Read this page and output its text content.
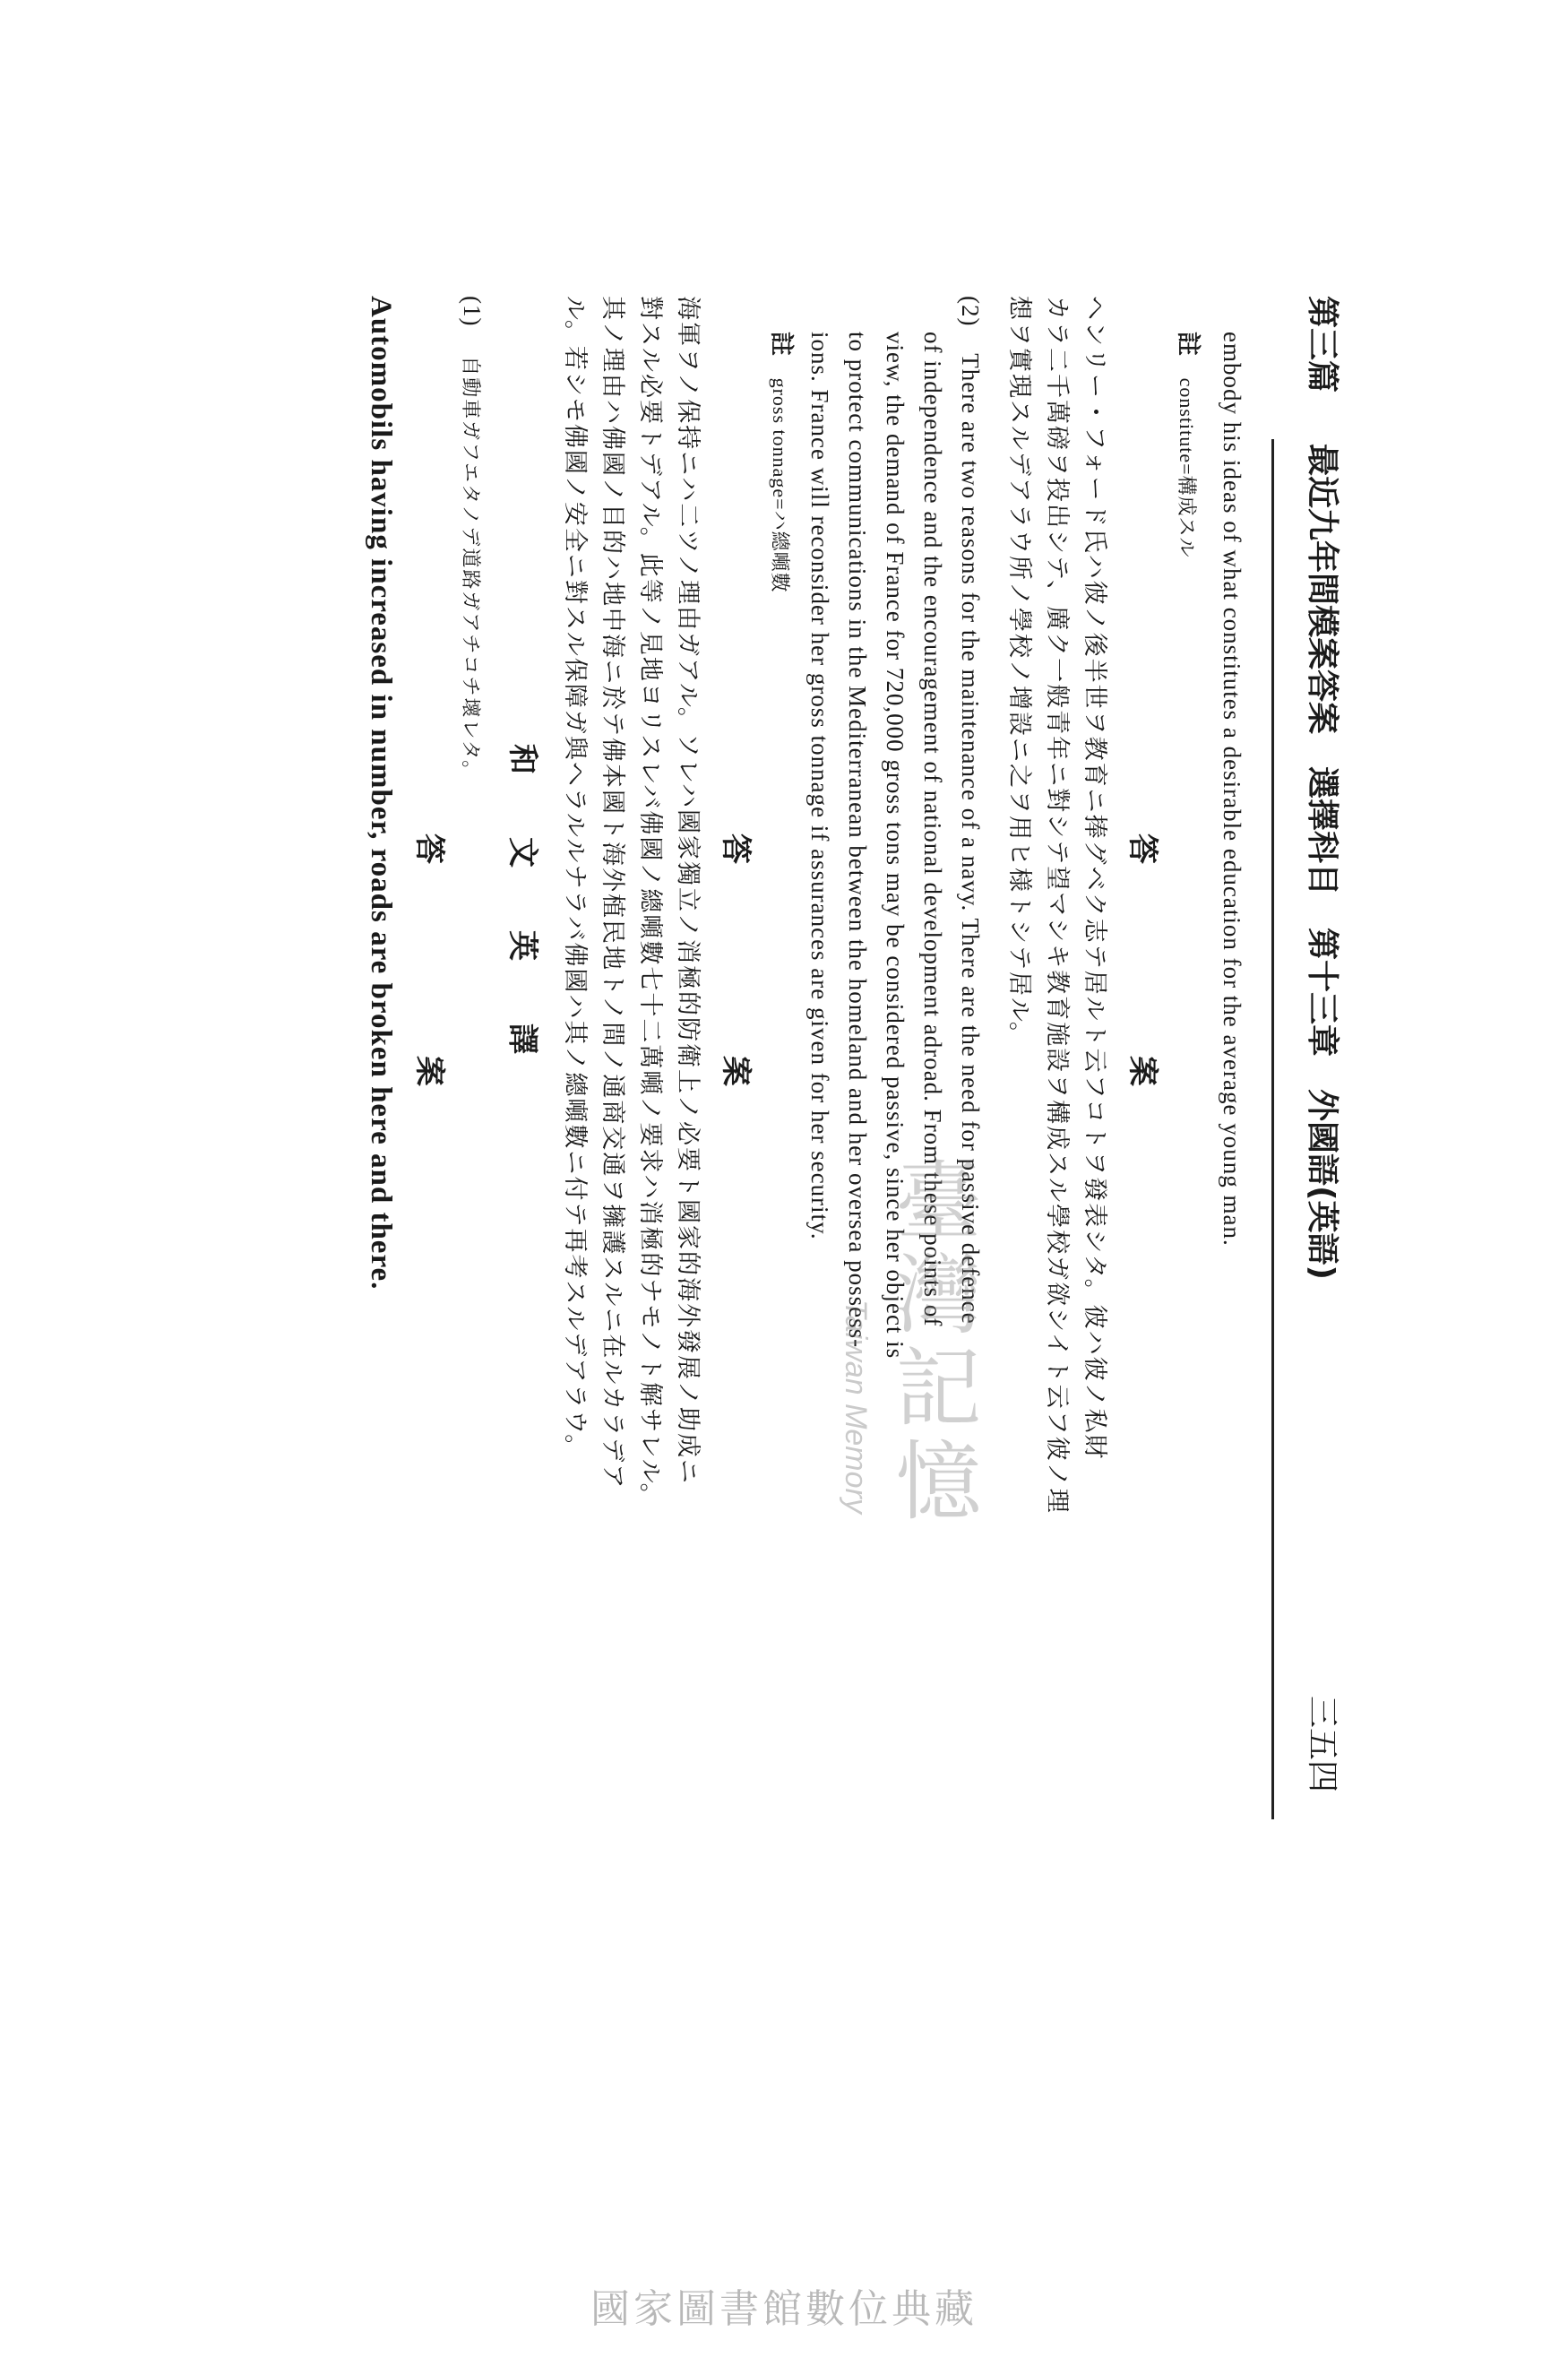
第三篇
最近九年間模案答案　選擇科目　第十三章　外國語(英語)
三五四
embody his ideas of what constitutes a desirable education for the average young man.
註 constitute=構成スル
答　　　案
ヘンリー・フォード氏ハ彼ノ後半世ヲ教育ニ捧グベク志テ居ルト云フコトヲ發表シタ。彼ハ彼ノ私財
カラ二千萬磅ヲ投出シテ、廣ク一般青年ニ對シテ望マシキ教育施設ヲ構成スル學校ガ欲シイト云フ彼ノ理
想ヲ實現スルデアラウ所ノ學校ノ增設ニ之ヲ用ヒ様トシテ居ル。
(2) There are two reasons for the maintenance of a navy. There are the need for passive defence
of independence and the encouragement of national development adroad. From these points of
view, the demand of France for 720,000 gross tons may be considered passive, since her object is
to protect communications in the Mediterranean between the homeland and her oversea possess-
ions. France will reconsider her gross tonnage if assurances are given for her security.
註 gross tonnage=ハ總噸數
答　　　案
海軍ヲノ保持ニハ二ツノ理由ガアル。ソレハ國家獨立ノ消極的防衛上ノ必要ト國家的海外發展ノ助成ニ
對スル必要トデアル。此等ノ見地ヨリスレバ佛國ノ總噸數七十二萬噸ノ要求ハ消極的ナモノト解サレル。
其ノ理由ハ佛國ノ目的ハ地中海ニ於テ佛本國ト海外植民地トノ間ノ通商交通ヲ擁護スルニ在ルカラデア
ル。若シモ佛國ノ安全ニ對スル保障ガ與ヘラルルナラバ佛國ハ其ノ總噸數ニ付テ再考スルデアラウ。
和　文　英　譯
(1) 自動車ガフエタノデ道路ガアチコチ壞レタ。
答　　　案
Automobils having increased in number, roads are broken here and there.
臺灣記憶
Taiwan Memory
國家圖書館數位典藏
